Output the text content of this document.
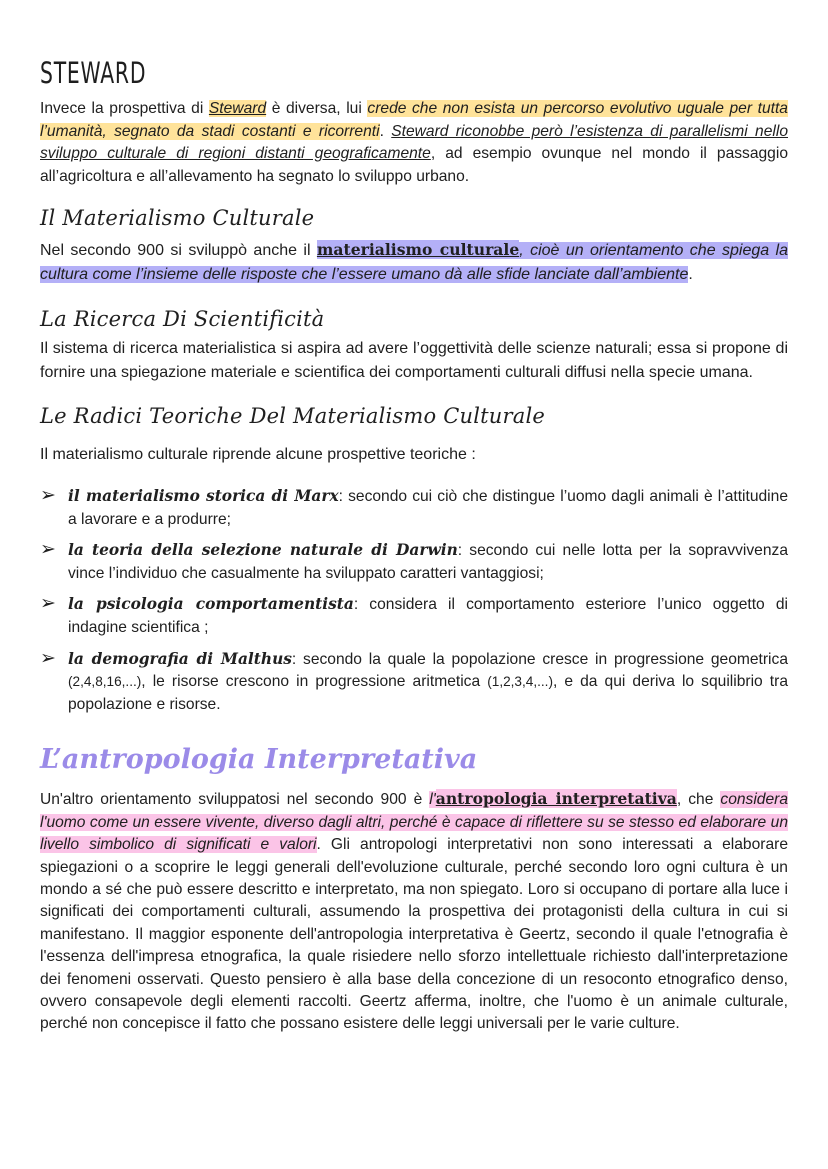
STEWARD

Invece la prospettiva di Steward è diversa, lui crede che non esista un percorso evolutivo uguale per tutta l’umanità, segnato da stadi costanti e ricorrenti. Steward riconobbe però l’esistenza di parallelismi nello sviluppo culturale di regioni distanti geograficamente, ad esempio ovunque nel mondo il passaggio all’agricoltura e all’allevamento ha segnato lo sviluppo urbano.

Il Materialismo Culturale

Nel secondo 900 si sviluppò anche il materialismo culturale, cioè un orientamento che spiega la cultura come l’insieme delle risposte che l’essere umano dà alle sfide lanciate dall’ambiente.

La Ricerca Di Scientificità

Il sistema di ricerca materialistica si aspira ad avere l’oggettività delle scienze naturali; essa si propone di fornire una spiegazione materiale e scientifica dei comportamenti culturali diffusi nella specie umana.

Le Radici Teoriche Del Materialismo Culturale

Il materialismo culturale riprende alcune prospettive teoriche :

➢ il materialismo storica di Marx: secondo cui ciò che distingue l’uomo dagli animali è l’attitudine a lavorare e a produrre;
➢ la teoria della selezione naturale di Darwin: secondo cui nelle lotta per la sopravvivenza vince l’individuo che casualmente ha sviluppato caratteri vantaggiosi;
➢ la psicologia comportamentista: considera il comportamento esteriore l’unico oggetto di indagine scientifica ;
➢ la demografia di Malthus: secondo la quale la popolazione cresce in progressione geometrica (2,4,8,16,...), le risorse crescono in progressione aritmetica (1,2,3,4,...), e da qui deriva lo squilibrio tra popolazione e risorse.
L’antropologia Interpretativa

Un'altro orientamento sviluppatosi nel secondo 900 è l'antropologia interpretativa, che considera l'uomo come un essere vivente, diverso dagli altri, perché è capace di riflettere su se stesso ed elaborare un livello simbolico di significati e valori. Gli antropologi interpretativi non sono interessati a elaborare spiegazioni o a scoprire le leggi generali dell'evoluzione culturale, perché secondo loro ogni cultura è un mondo a sé che può essere descritto e interpretato, ma non spiegato. Loro si occupano di portare alla luce i significati dei comportamenti culturali, assumendo la prospettiva dei protagonisti della cultura in cui si manifestano. Il maggior esponente dell'antropologia interpretativa è Geertz, secondo il quale l'etnografia è l'essenza dell'impresa etnografica, la quale risiedere nello sforzo intellettuale richiesto dall'interpretazione dei fenomeni osservati. Questo pensiero è alla base della concezione di un resoconto etnografico denso, ovvero consapevole degli elementi raccolti. Geertz afferma, inoltre, che l'uomo è un animale culturale, perché non concepisce il fatto che possano esistere delle leggi universali per le varie culture.
